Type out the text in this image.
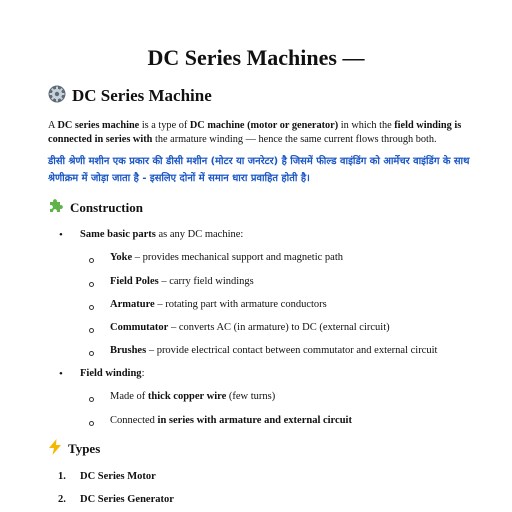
DC Series Machines —
DC Series Machine

A DC series machine is a type of DC machine (motor or generator) in which the field winding is connected in series with the armature winding — hence the same current flows through both.

डीसी श्रेणी मशीन एक प्रकार की डीसी मशीन (मोटर या जनरेटर) है जिसमें फील्ड वाइंडिंग को आर्मेचर वाइंडिंग के साथ श्रेणीक्रम में जोड़ा जाता है - इसलिए दोनों में समान धारा प्रवाहित होती है।

Construction
• Same basic parts as any DC machine:
Yoke – provides mechanical support and magnetic path
Field Poles – carry field windings
Armature – rotating part with armature conductors
Commutator – converts AC (in armature) to DC (external circuit)
Brushes – provide electrical contact between commutator and external circuit
• Field winding:
Made of thick copper wire (few turns)
Connected in series with armature and external circuit
Types
1. DC Series Motor
2. DC Series Generator
